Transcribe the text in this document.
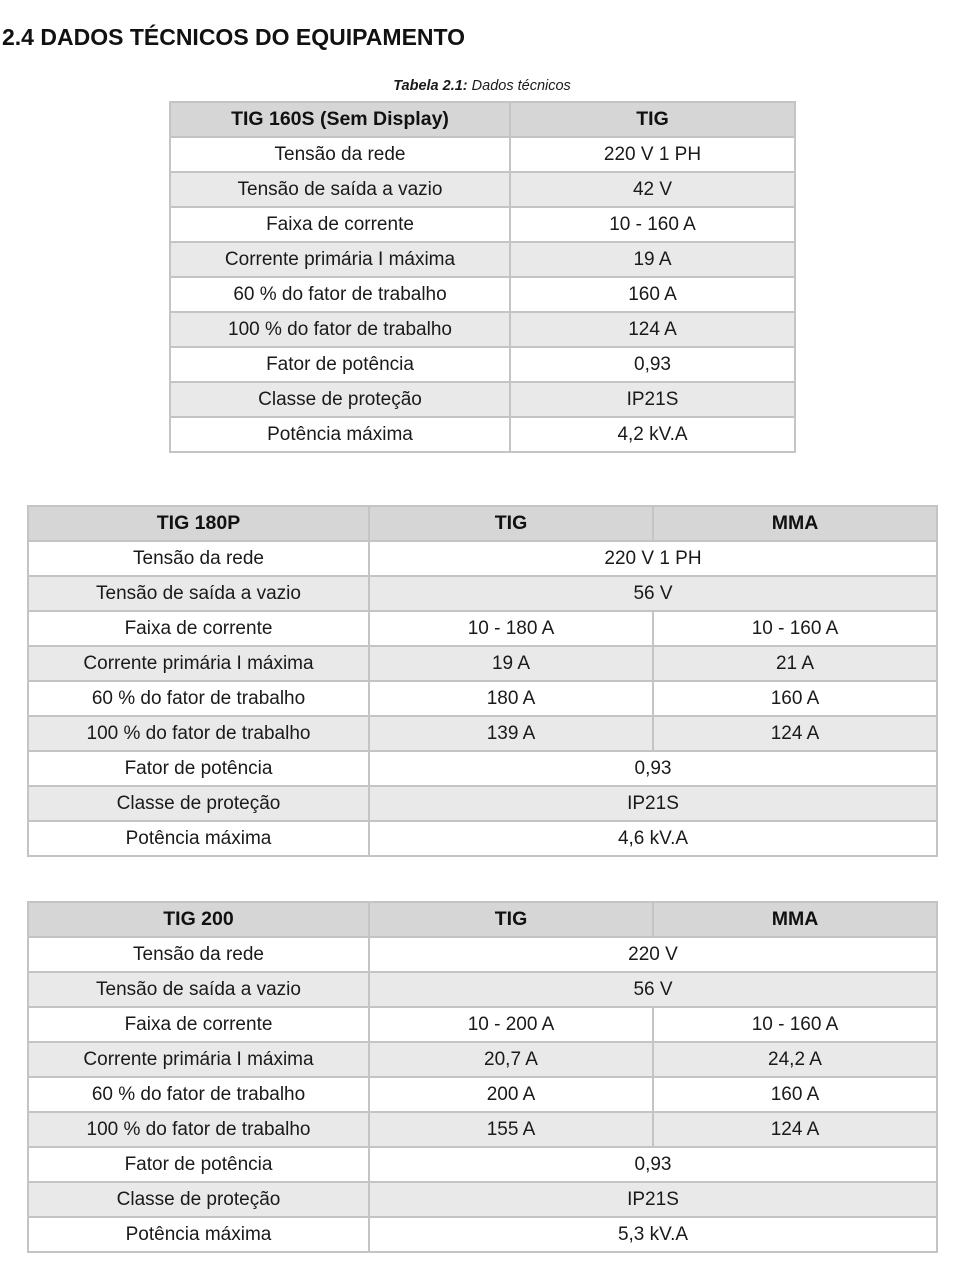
2.4 DADOS TÉCNICOS DO EQUIPAMENTO
Tabela 2.1: Dados técnicos
TIG 160S (Sem Display)	TIG
Tensão da rede	220 V 1 PH
Tensão de saída a vazio	42 V
Faixa de corrente	10 - 160 A
Corrente primária I máxima	19 A
60 % do fator de trabalho	160 A
100 % do fator de trabalho	124 A
Fator de potência	0,93
Classe de proteção	IP21S
Potência máxima	4,2 kV.A
TIG 180P	TIG	MMA
Tensão da rede	220 V 1 PH	
Tensão de saída a vazio	56 V	
Faixa de corrente	10 - 180 A	10 - 160 A
Corrente primária I máxima	19 A	21 A
60 % do fator de trabalho	180 A	160 A
100 % do fator de trabalho	139 A	124 A
Fator de potência	0,93	
Classe de proteção	IP21S	
Potência máxima	4,6 kV.A	
TIG 200	TIG	MMA
Tensão da rede	220 V	
Tensão de saída a vazio	56 V	
Faixa de corrente	10 - 200 A	10 - 160 A
Corrente primária I máxima	20,7 A	24,2 A
60 % do fator de trabalho	200 A	160 A
100 % do fator de trabalho	155 A	124 A
Fator de potência	0,93	
Classe de proteção	IP21S	
Potência máxima	5,3 kV.A	
